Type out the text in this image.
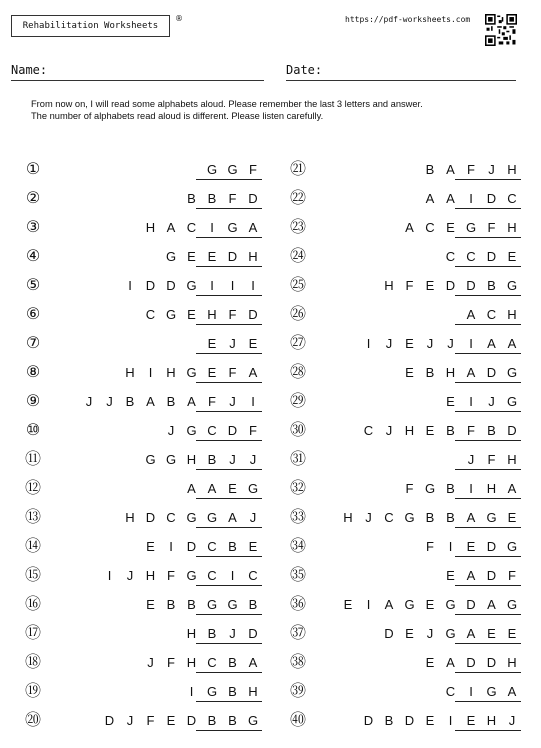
Rehabilitation Worksheets
®	https://pdf-worksheets.com
Name:	Date:
From now on, I will read some alphabets aloud. Please remember the last 3 letters and answer.
The number of alphabets read aloud is different. Please listen carefully.
①	G G F
②	B B F D
③	H A C	I	G A
④	G E E D H
⑤	I	D D G	I	I	I
⑥	C G E H F D
⑦	E J E
⑧	H	I	H G E F A
⑨	J	J B A B A F	J	I
⑩	J G C D F
⑪	G G H B J	J
⑫	A A E G
⑬	H D C G G A J
⑭	E	I	D C B E
⑮	I	J H F G C	I	C
⑯	E B B G G B
⑰	H B J D
⑱	J	F H C B A
⑲	I	G B H
⑳	D J	F E D B B G
㉑	B A F	J H
㉒	A A	I	D C
㉓	A C E G F H
㉔	C C D E
㉕	H F E D D B G
㉖	A C H
㉗	I	J E J	J	I	A A
㉘	E B H A D G
㉙	E	I	J G
㉚	C J H E B F B D
㉛	J	F H
㉜	F G B	I	H A
㉝	H J C G B B A G E
㉞	F	I	E D G
㉟	E A D F
㊱	E	I	A G E G D A G
㊲	D E J G A E E
㊳	E A D D H
㊴	C	I	G A
㊵	D B D E	I	E H J
